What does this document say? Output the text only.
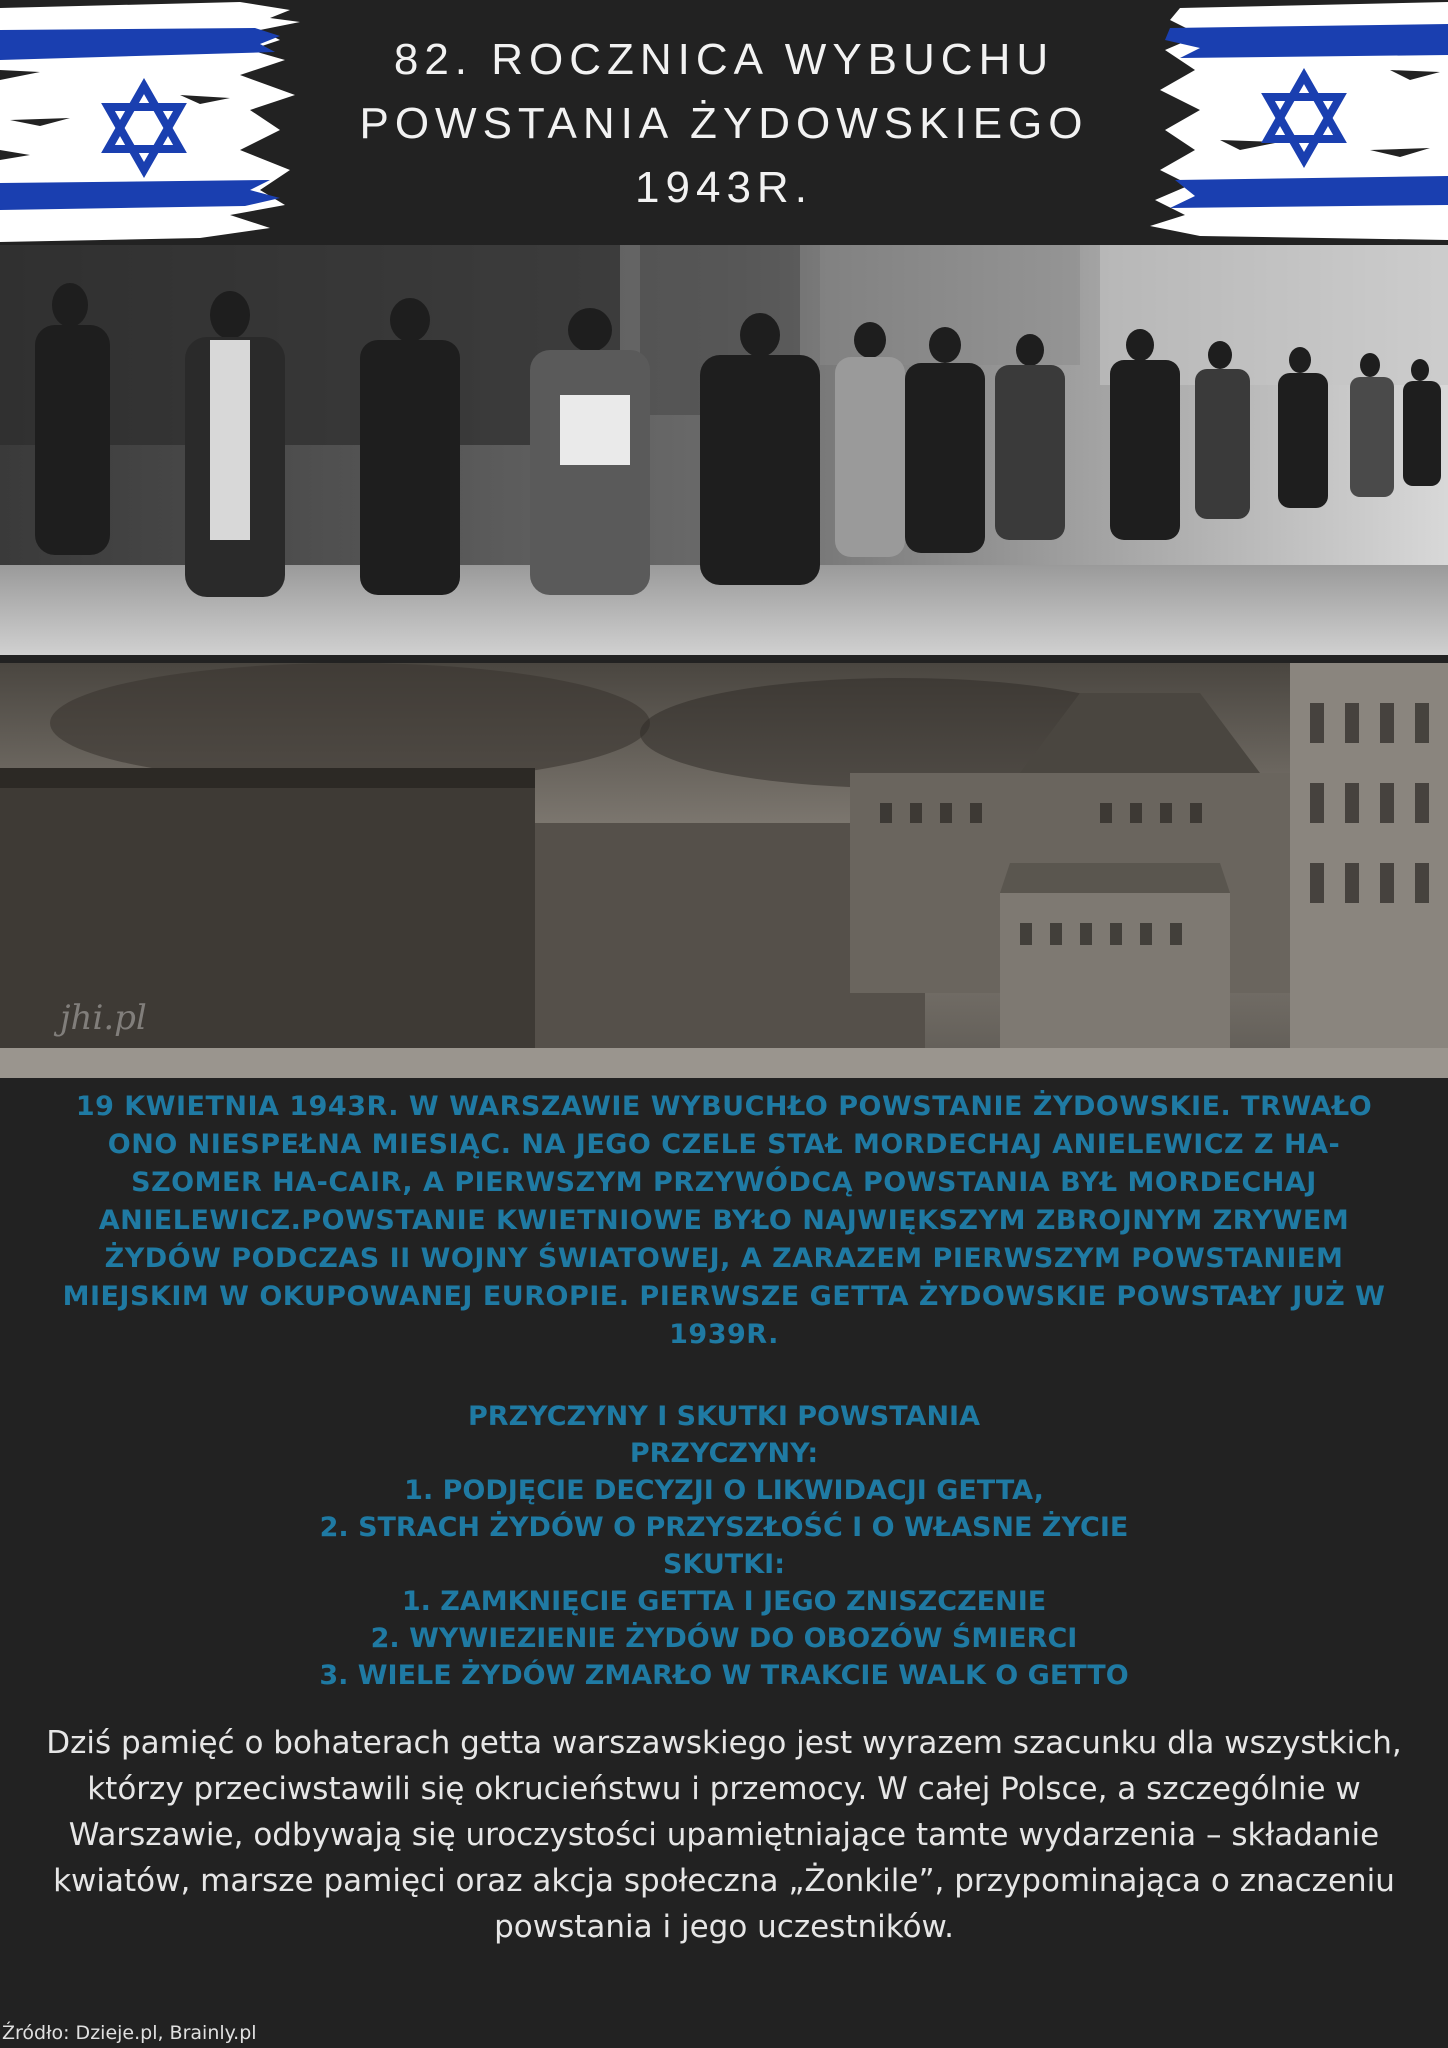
82. ROCZNICA WYBUCHU
POWSTANIA ŻYDOWSKIEGO
1943R.
jhi.pl
19 KWIETNIA 1943R. W WARSZAWIE WYBUCHŁO POWSTANIE ŻYDOWSKIE. TRWAŁO ONO NIESPEŁNA MIESIĄC. NA JEGO CZELE STAŁ MORDECHAJ ANIELEWICZ Z HA-SZOMER HA-CAIR, A PIERWSZYM PRZYWÓDCĄ POWSTANIA BYŁ MORDECHAJ ANIELEWICZ.POWSTANIE KWIETNIOWE BYŁO NAJWIĘKSZYM ZBROJNYM ZRYWEM ŻYDÓW PODCZAS II WOJNY ŚWIATOWEJ, A ZARAZEM PIERWSZYM POWSTANIEM MIEJSKIM W OKUPOWANEJ EUROPIE. PIERWSZE GETTA ŻYDOWSKIE POWSTAŁY JUŻ W 1939R.
PRZYCZYNY I SKUTKI POWSTANIA
PRZYCZYNY:
1. PODJĘCIE DECYZJI O LIKWIDACJI GETTA,
2. STRACH ŻYDÓW O PRZYSZŁOŚĆ I O WŁASNE ŻYCIE
SKUTKI:
1. ZAMKNIĘCIE GETTA I JEGO ZNISZCZENIE
2. WYWIEZIENIE ŻYDÓW DO OBOZÓW ŚMIERCI
3. WIELE ŻYDÓW ZMARŁO W TRAKCIE WALK O GETTO
Dziś pamięć o bohaterach getta warszawskiego jest wyrazem szacunku dla wszystkich, którzy przeciwstawili się okrucieństwu i przemocy. W całej Polsce, a szczególnie w Warszawie, odbywają się uroczystości upamiętniające tamte wydarzenia – składanie kwiatów, marsze pamięci oraz akcja społeczna „Żonkile”, przypominająca o znaczeniu powstania i jego uczestników.
Źródło: Dzieje.pl, Brainly.pl
